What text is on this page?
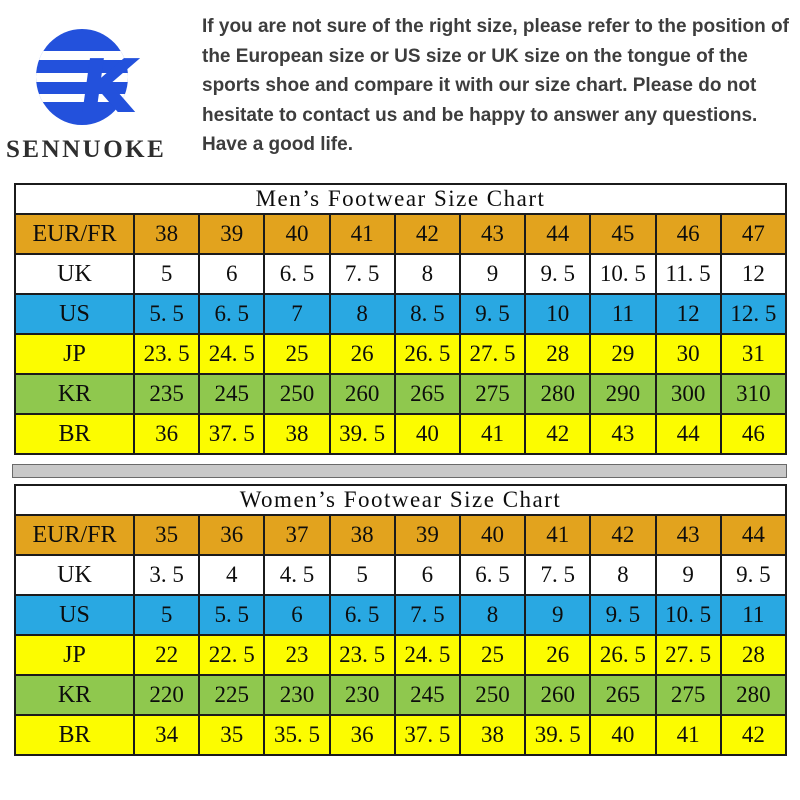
K
SENNUOKE

If you are not sure of the right size, please refer to the position of the European size or US size or UK size on the tongue of the sports shoe and compare it with our size chart. Please do not hesitate to contact us and be happy to answer any questions. Have a good life.

Men’s Footwear Size Chart										
EUR/FR	38	39	40	41	42	43	44	45	46	47
UK	5	6	6. 5	7. 5	8	9	9. 5	10. 5	11. 5	12
US	5. 5	6. 5	7	8	8. 5	9. 5	10	11	12	12. 5
JP	23. 5	24. 5	25	26	26. 5	27. 5	28	29	30	31
KR	235	245	250	260	265	275	280	290	300	310
BR	36	37. 5	38	39. 5	40	41	42	43	44	46
Women’s Footwear Size Chart										
EUR/FR	35	36	37	38	39	40	41	42	43	44
UK	3. 5	4	4. 5	5	6	6. 5	7. 5	8	9	9. 5
US	5	5. 5	6	6. 5	7. 5	8	9	9. 5	10. 5	11
JP	22	22. 5	23	23. 5	24. 5	25	26	26. 5	27. 5	28
KR	220	225	230	230	245	250	260	265	275	280
BR	34	35	35. 5	36	37. 5	38	39. 5	40	41	42
